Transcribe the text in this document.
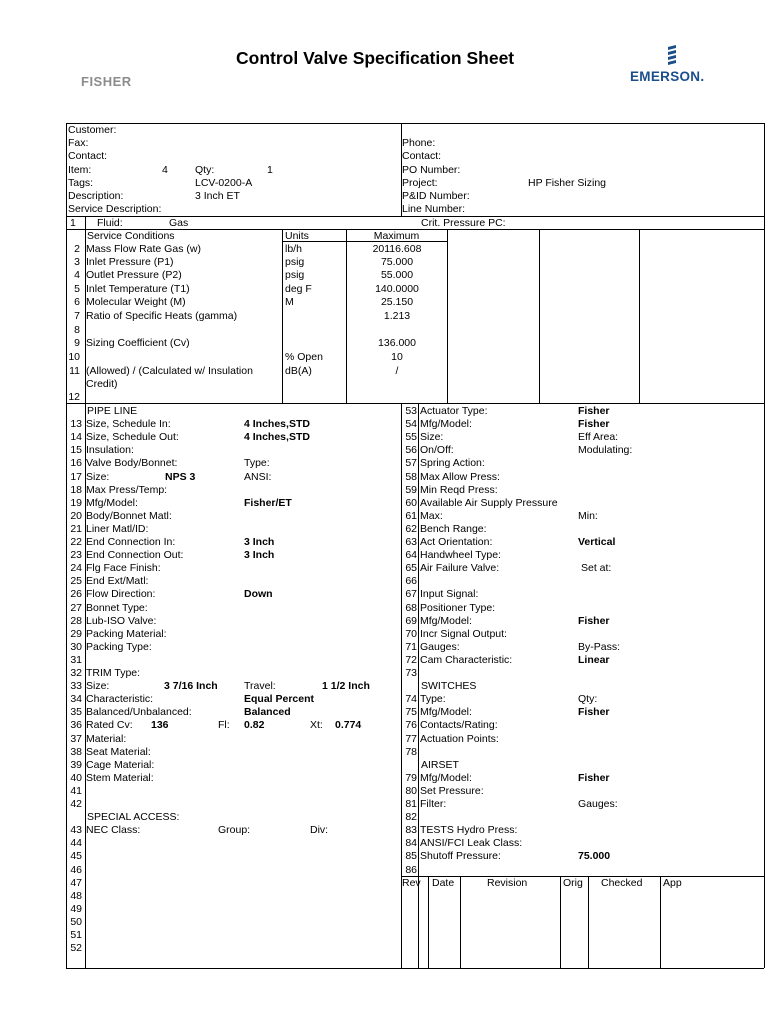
Control Valve Specification Sheet
FISHER	EMERSON.
Customer:
Fax:
Contact:
Item:	4	Qty:	1
Tags:	LCV-0200-A
Description:	3 Inch ET
Service Description:
Phone:
Contact:
PO Number:
Project:	HP Fisher Sizing
P&ID Number:
Line Number:
1 Fluid:	Gas	Crit. Pressure PC:
Service Conditions	Units	Maximum
2 Mass Flow Rate Gas (w)	lb/h	20116.608
3 Inlet Pressure (P1)	psig	75.000
4 Outlet Pressure (P2)	psig	55.000
5 Inlet Temperature (T1)	deg F	140.0000
6 Molecular Weight (M)	M	25.150
7 Ratio of Specific Heats (gamma)	1.213
8
9 Sizing Coefficient (Cv)	136.000
10	% Open	10
11 (Allowed) / (Calculated w/ Insulation
Credit)
dB(A)	/
12
PIPE LINE
13 Size, Schedule In:	4 Inches,STD
14 Size, Schedule Out:	4 Inches,STD
15 Insulation:
16 Valve Body/Bonnet:	Type:
17 Size:	NPS 3	ANSI:
18 Max Press/Temp:
19 Mfg/Model:	Fisher/ET
20 Body/Bonnet Matl:
21 Liner Matl/ID:
22 End Connection In:	3 Inch
23 End Connection Out:	3 Inch
24 Flg Face Finish:
25 End Ext/Matl:
26 Flow Direction:	Down
27 Bonnet Type:
28 Lub-ISO Valve:
29 Packing Material:
30 Packing Type:
31
32 TRIM Type:
33 Size:	3 7/16 Inch	Travel:	1 1/2 Inch
34 Characteristic:	Equal Percent
35 Balanced/Unbalanced:	Balanced
36 Rated Cv: 136	Fl: 0.82	Xt: 0.774
37 Material:
38 Seat Material:
39 Cage Material:
40 Stem Material:
41
42
SPECIAL ACCESS:
43 NEC Class:	Group:	Div:
44
45
46
47
48
49
50
51
52
53 Actuator Type:	Fisher
54 Mfg/Model:	Fisher
55 Size:	Eff Area:
56 On/Off:	Modulating:
57 Spring Action:
58 Max Allow Press:
59 Min Reqd Press:
60 Available Air Supply Pressure
61 Max:	Min:
62 Bench Range:
63 Act Orientation:	Vertical
64 Handwheel Type:
65 Air Failure Valve:	Set at:
66
67 Input Signal:
68 Positioner Type:
69 Mfg/Model:	Fisher
70 Incr Signal Output:
71 Gauges:	By-Pass:
72 Cam Characteristic:	Linear
73
SWITCHES
74 Type:	Qty:
75 Mfg/Model:	Fisher
76 Contacts/Rating:
77 Actuation Points:
78
AIRSET
79 Mfg/Model:	Fisher
80 Set Pressure:
81 Filter:	Gauges:
82
83 TESTS Hydro Press:
84 ANSI/FCI Leak Class:
85 Shutoff Pressure:	75.000
86
Rev Date	Revision	Orig Checked App
